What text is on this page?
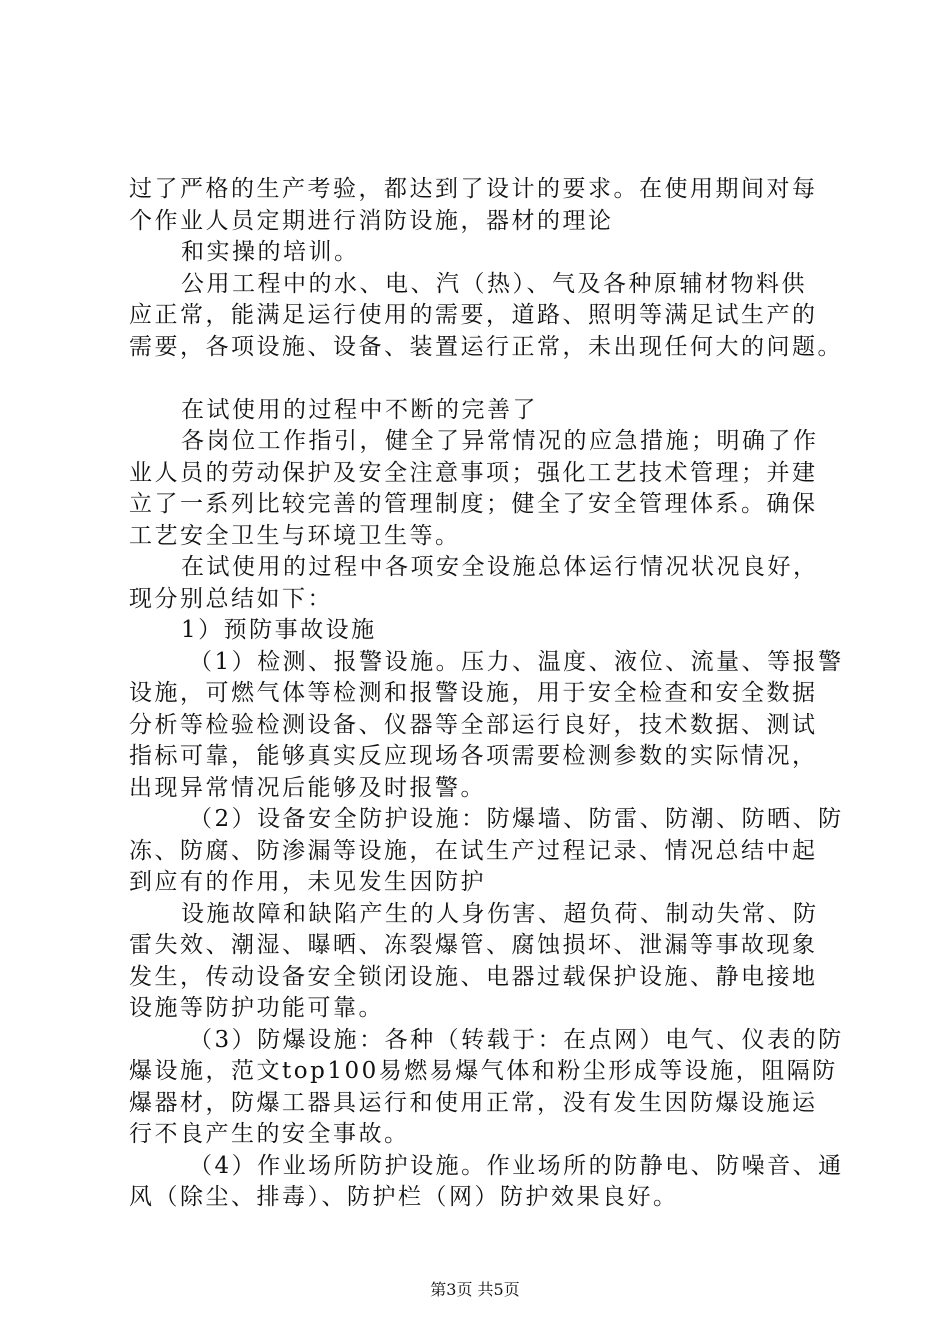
过了严格的生产考验，都达到了设计的要求。在使用期间对每
个作业人员定期进行消防设施，器材的理论
和实操的培训。
公用工程中的水、电、汽（热）、气及各种原辅材物料供
应正常，能满足运行使用的需要，道路、照明等满足试生产的
需要，各项设施、设备、装置运行正常，未出现任何大的问题。
在试使用的过程中不断的完善了
各岗位工作指引，健全了异常情况的应急措施；明确了作
业人员的劳动保护及安全注意事项；强化工艺技术管理；并建
立了一系列比较完善的管理制度；健全了安全管理体系。确保
工艺安全卫生与环境卫生等。
在试使用的过程中各项安全设施总体运行情况状况良好，
现分别总结如下：
1）预防事故设施
（1）检测、报警设施。压力、温度、液位、流量、等报警
设施，可燃气体等检测和报警设施，用于安全检查和安全数据
分析等检验检测设备、仪器等全部运行良好，技术数据、测试
指标可靠，能够真实反应现场各项需要检测参数的实际情况，
出现异常情况后能够及时报警。
（2）设备安全防护设施：防爆墙、防雷、防潮、防晒、防
冻、防腐、防渗漏等设施，在试生产过程记录、情况总结中起
到应有的作用，未见发生因防护
设施故障和缺陷产生的人身伤害、超负荷、制动失常、防
雷失效、潮湿、曝晒、冻裂爆管、腐蚀损坏、泄漏等事故现象
发生，传动设备安全锁闭设施、电器过载保护设施、静电接地
设施等防护功能可靠。
（3）防爆设施：各种（转载于：在点网）电气、仪表的防
爆设施，范文top100易燃易爆气体和粉尘形成等设施，阻隔防
爆器材，防爆工器具运行和使用正常，没有发生因防爆设施运
行不良产生的安全事故。
（4）作业场所防护设施。作业场所的防静电、防噪音、通
风（除尘、排毒）、防护栏（网）防护效果良好。
第3页 共5页
